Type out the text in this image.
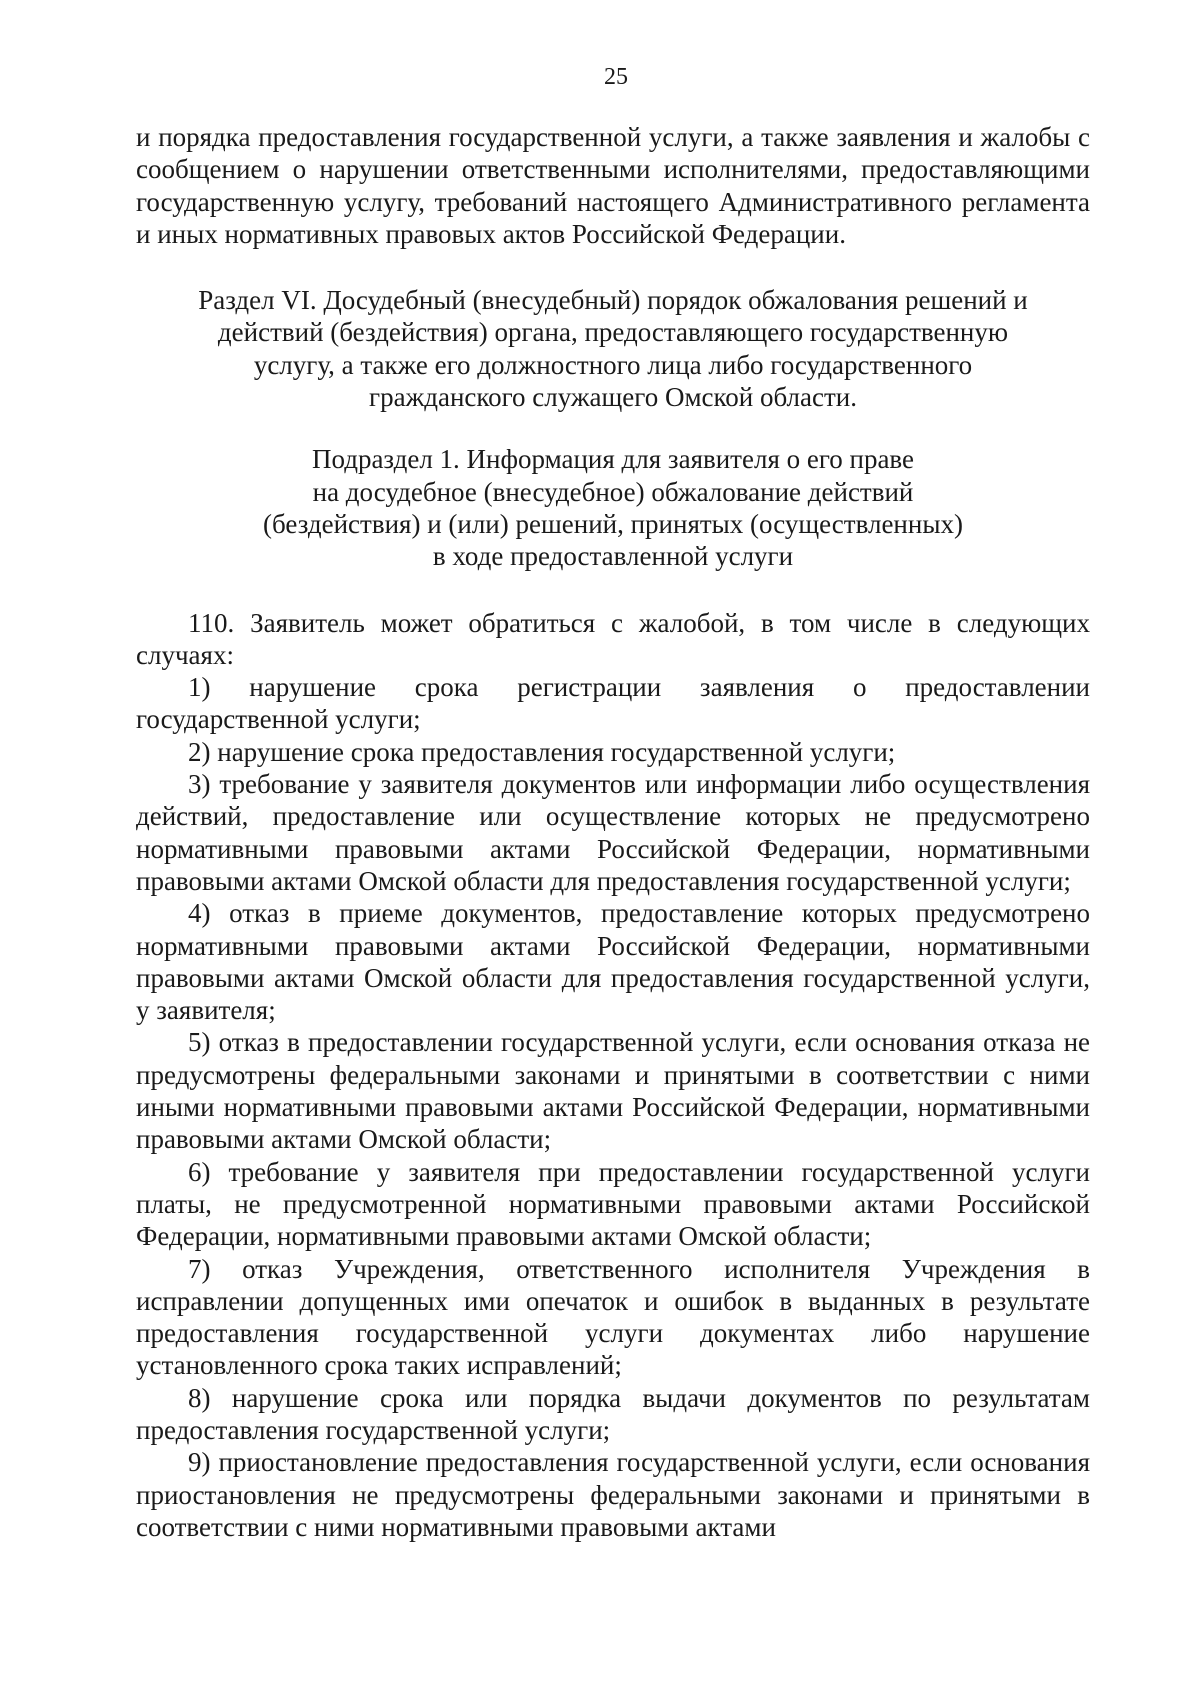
25

и порядка предоставления государственной услуги, а также заявления и жалобы с сообщением о нарушении ответственными исполнителями, предоставляющими государственную услугу, требований настоящего Административного регламента и иных нормативных правовых актов Российской Федерации.

Раздел VI. Досудебный (внесудебный) порядок обжалования решений и
действий (бездействия) органа, предоставляющего государственную
услугу, а также его должностного лица либо государственного
гражданского служащего Омской области.
Подраздел 1. Информация для заявителя о его праве
на досудебное (внесудебное) обжалование действий
(бездействия) и (или) решений, принятых (осуществленных)
в ходе предоставленной услуги

110. Заявитель может обратиться с жалобой, в том числе в следующих случаях:

1) нарушение срока регистрации заявления о предоставлении государственной услуги;

2) нарушение срока предоставления государственной услуги;

3) требование у заявителя документов или информации либо осуществления действий, предоставление или осуществление которых не предусмотрено нормативными правовыми актами Российской Федерации, нормативными правовыми актами Омской области для предоставления государственной услуги;

4) отказ в приеме документов, предоставление которых предусмотрено нормативными правовыми актами Российской Федерации, нормативными правовыми актами Омской области для предоставления государственной услуги, у заявителя;

5) отказ в предоставлении государственной услуги, если основания отказа не предусмотрены федеральными законами и принятыми в соответствии с ними иными нормативными правовыми актами Российской Федерации, нормативными правовыми актами Омской области;

6) требование у заявителя при предоставлении государственной услуги платы, не предусмотренной нормативными правовыми актами Российской Федерации, нормативными правовыми актами Омской области;

7) отказ Учреждения, ответственного исполнителя Учреждения в исправлении допущенных ими опечаток и ошибок в выданных в результате предоставления государственной услуги документах либо нарушение установленного срока таких исправлений;

8) нарушение срока или порядка выдачи документов по результатам предоставления государственной услуги;

9) приостановление предоставления государственной услуги, если основания приостановления не предусмотрены федеральными законами и принятыми в соответствии с ними нормативными правовыми актами
